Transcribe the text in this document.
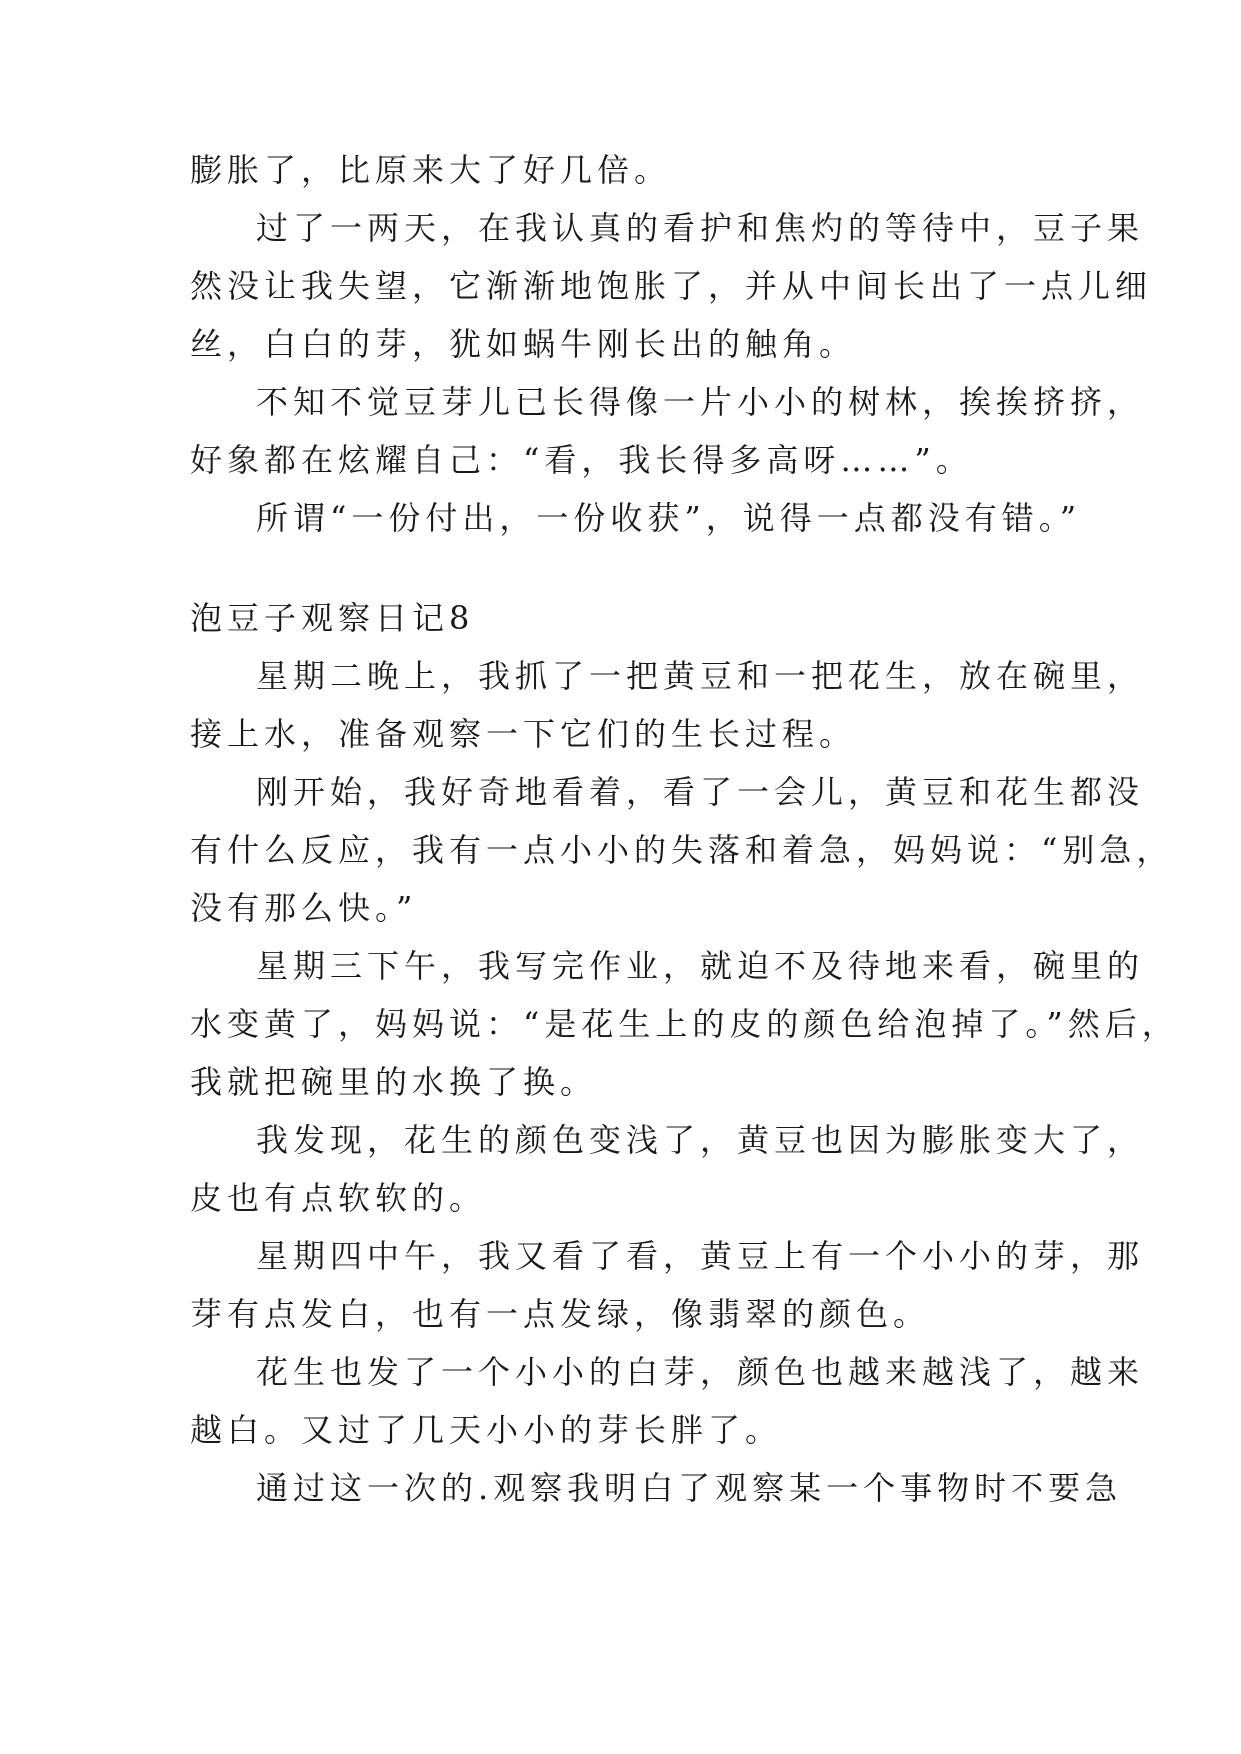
膨胀了，比原来大了好几倍。
过了一两天，在我认真的看护和焦灼的等待中，豆子果
然没让我失望，它渐渐地饱胀了，并从中间长出了一点儿细
丝，白白的芽，犹如蜗牛刚长出的触角。
不知不觉豆芽儿已长得像一片小小的树林，挨挨挤挤，
好象都在炫耀自己：“看，我长得多高呀……”。
所谓“一份付出，一份收获”，说得一点都没有错。”
泡豆子观察日记8
星期二晚上，我抓了一把黄豆和一把花生，放在碗里，
接上水，准备观察一下它们的生长过程。
刚开始，我好奇地看着，看了一会儿，黄豆和花生都没
有什么反应，我有一点小小的失落和着急，妈妈说：“别急，
没有那么快。”
星期三下午，我写完作业，就迫不及待地来看，碗里的
水变黄了，妈妈说：“是花生上的皮的颜色给泡掉了。”然后，
我就把碗里的水换了换。
我发现，花生的颜色变浅了，黄豆也因为膨胀变大了，
皮也有点软软的。
星期四中午，我又看了看，黄豆上有一个小小的芽，那
芽有点发白，也有一点发绿，像翡翠的颜色。
花生也发了一个小小的白芽，颜色也越来越浅了，越来
越白。又过了几天小小的芽长胖了。
通过这一次的.观察我明白了观察某一个事物时不要急
